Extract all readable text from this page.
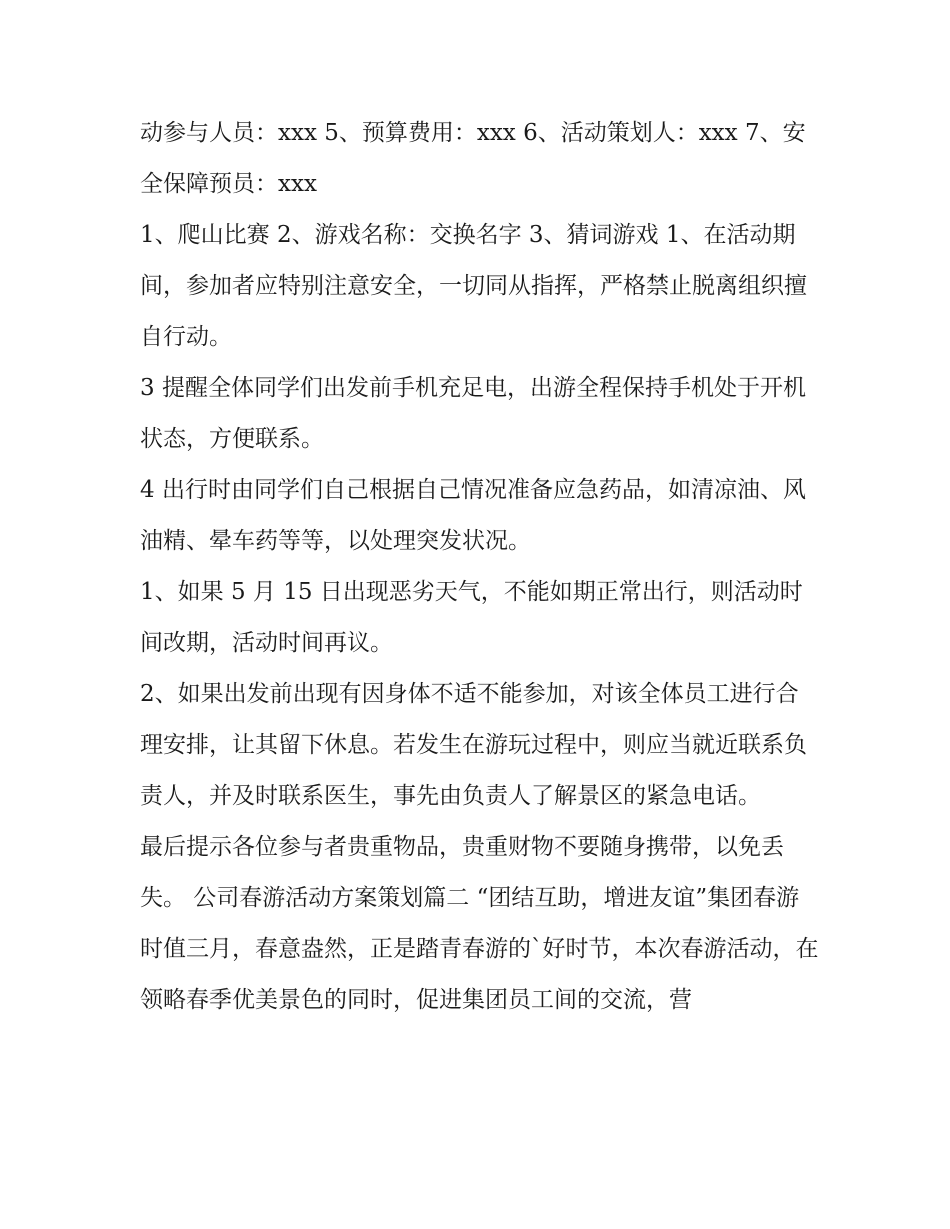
动参与人员：xxx 5、预算费用：xxx 6、活动策划人：xxx 7、安全保障预员：xxx

1、爬山比赛 2、游戏名称：交换名字 3、猜词游戏 1、在活动期间，参加者应特别注意安全，一切同从指挥，严格禁止脱离组织擅自行动。

3 提醒全体同学们出发前手机充足电，出游全程保持手机处于开机状态，方便联系。

4 出行时由同学们自己根据自己情况准备应急药品，如清凉油、风油精、晕车药等等，以处理突发状况。

1、如果 5 月 15 日出现恶劣天气，不能如期正常出行，则活动时间改期，活动时间再议。

2、如果出发前出现有因身体不适不能参加，对该全体员工进行合理安排，让其留下休息。若发生在游玩过程中，则应当就近联系负责人，并及时联系医生，事先由负责人了解景区的紧急电话。

最后提示各位参与者贵重物品，贵重财物不要随身携带，以免丢失。 公司春游活动方案策划篇二 “团结互助，增进友谊”集团春游

时值三月，春意盎然，正是踏青春游的`好时节，本次春游活动，在领略春季优美景色的同时，促进集团员工间的交流，营
